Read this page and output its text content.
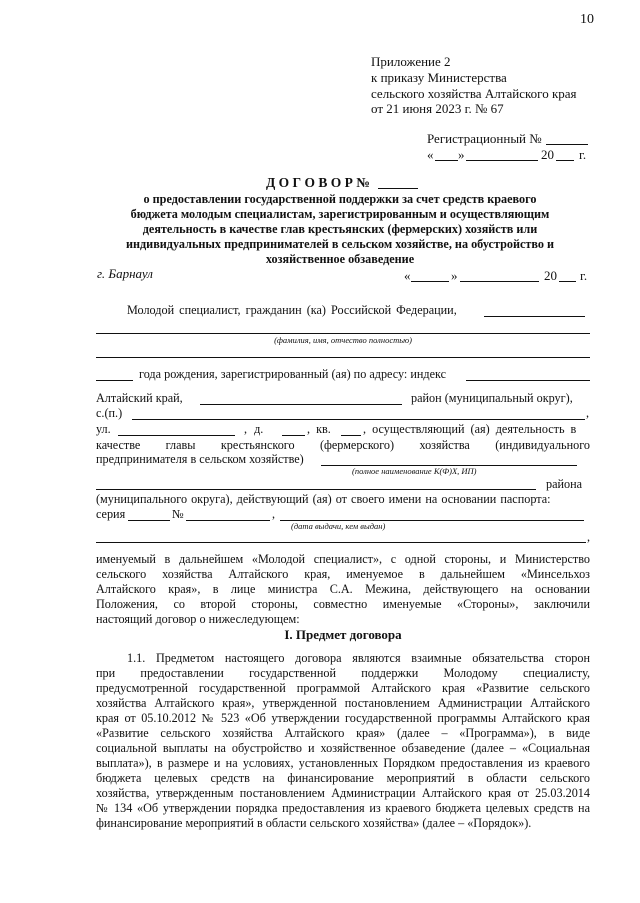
10
Приложение 2
к приказу Министерства
сельского хозяйства Алтайского края
от 21 июня 2023 г. № 67
Регистрационный №
« »	20 г.
Д О Г О В О Р №
о предоставлении государственной поддержки за счет средств краевого
бюджета молодым специалистам, зарегистрированным и осуществляющим
деятельность в качестве глав крестьянских (фермерских) хозяйств или
индивидуальных предпринимателей в сельском хозяйстве, на обустройство и
хозяйственное обзаведение
г. Барнаул	«	»	20 г.
Молодой специалист, гражданин (ка) Российской Федерации,
(фамилия, имя, отчество полностью)
года рождения, зарегистрированный (ая) по адресу: индекс
Алтайский край,	район (муниципальный округ),
с.(п.)	,
ул.	, д.	, кв.	, осуществляющий (ая) деятельность в
качестве главы крестьянского (фермерского) хозяйства (индивидуального
предпринимателя в сельском хозяйстве)
(полное наименование К(Ф)Х, ИП)
района
(муниципального округа), действующий (ая) от своего имени на основании паспорта:
серия	№	,
(дата выдачи, кем выдан)
,
именуемый в дальнейшем «Молодой специалист», с одной стороны, и Министерство
сельского хозяйства Алтайского края, именуемое в дальнейшем «Минсельхоз
Алтайского края», в лице министра С.А. Межина, действующего на основании
Положения, со второй стороны, совместно именуемые «Стороны», заключили
настоящий договор о нижеследующем:
I. Предмет договора
1.1. Предметом настоящего договора являются взаимные обязательства сторон
при предоставлении государственной поддержки Молодому специалисту,
предусмотренной государственной программой Алтайского края «Развитие сельского
хозяйства Алтайского края», утвержденной постановлением Администрации Алтайского
края от 05.10.2012 № 523 «Об утверждении государственной программы Алтайского края
«Развитие сельского хозяйства Алтайского края» (далее – «Программа»), в виде
социальной выплаты на обустройство и хозяйственное обзаведение (далее – «Социальная
выплата»), в размере и на условиях, установленных Порядком предоставления из краевого
бюджета целевых средств на финансирование мероприятий в области сельского
хозяйства, утвержденным постановлением Администрации Алтайского края от 25.03.2014
№ 134 «Об утверждении порядка предоставления из краевого бюджета целевых средств на
финансирование мероприятий в области сельского хозяйства» (далее – «Порядок»).
